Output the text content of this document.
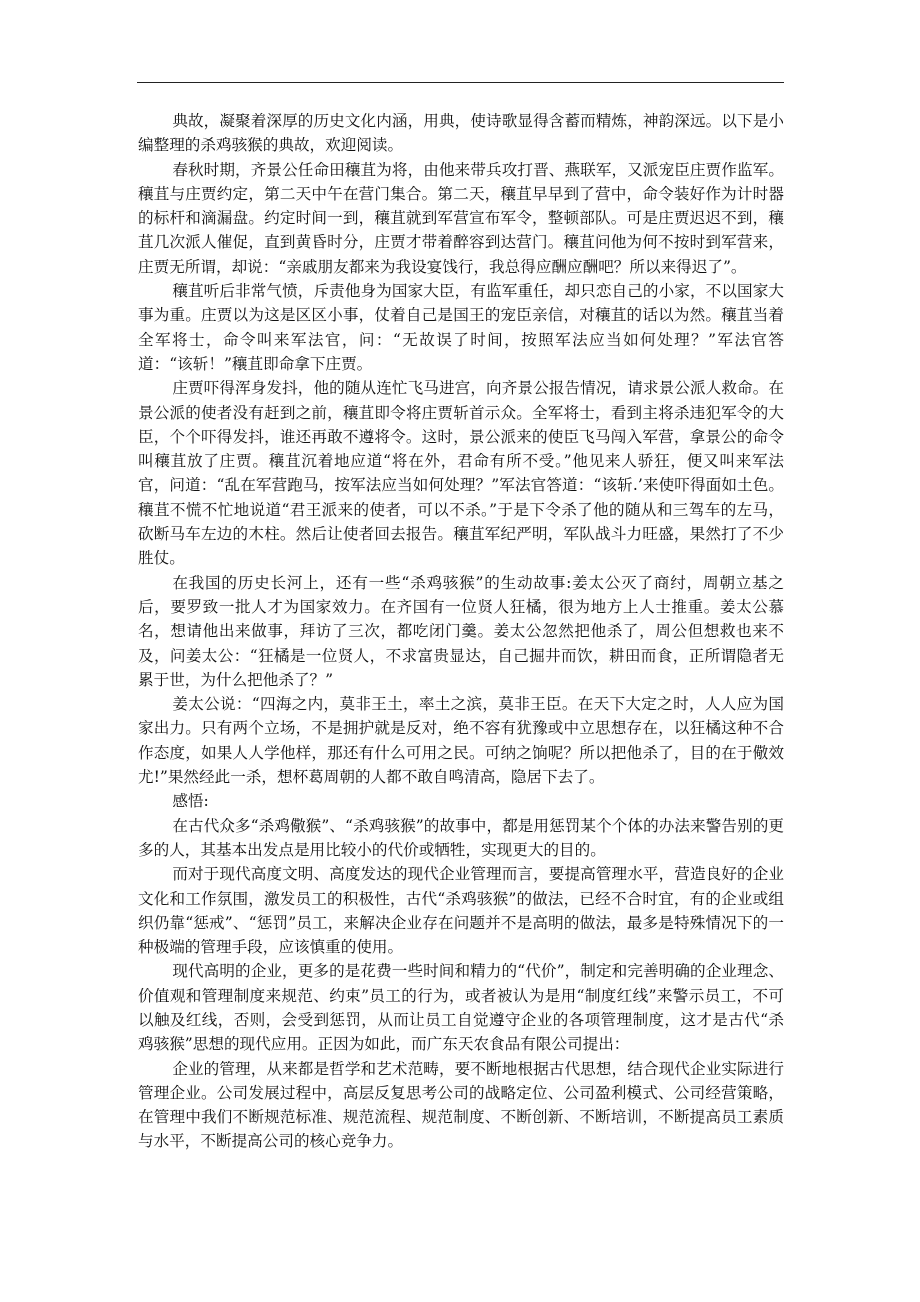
典故，凝聚着深厚的历史文化内涵，用典，使诗歌显得含蓄而精炼，神韵深远。以下是小编整理的杀鸡骇猴的典故，欢迎阅读。

春秋时期，齐景公任命田穰苴为将，由他来带兵攻打晋、燕联军，又派宠臣庄贾作监军。穰苴与庄贾约定，第二天中午在营门集合。第二天，穰苴早早到了营中，命令装好作为计时器的标杆和滴漏盘。约定时间一到，穰苴就到军营宣布军令，整顿部队。可是庄贾迟迟不到，穰苴几次派人催促，直到黄昏时分，庄贾才带着醉容到达营门。穰苴问他为何不按时到军营来，庄贾无所谓，却说：“亲戚朋友都来为我设宴饯行，我总得应酬应酬吧？所以来得迟了”。

穰苴听后非常气愤，斥责他身为国家大臣，有监军重任，却只恋自己的小家，不以国家大事为重。庄贾以为这是区区小事，仗着自己是国王的宠臣亲信，对穰苴的话以为然。穰苴当着全军将士，命令叫来军法官，问：“无故误了时间，按照军法应当如何处理？”军法官答道：“该斩！”穰苴即命拿下庄贾。

庄贾吓得浑身发抖，他的随从连忙飞马进宫，向齐景公报告情况，请求景公派人救命。在景公派的使者没有赶到之前，穰苴即令将庄贾斩首示众。全军将士，看到主将杀违犯军令的大臣，个个吓得发抖，谁还再敢不遵将令。这时，景公派来的使臣飞马闯入军营，拿景公的命令叫穰苴放了庄贾。穰苴沉着地应道“将在外，君命有所不受。”他见来人骄狂，便又叫来军法官，问道：“乱在军营跑马，按军法应当如何处理？”军法官答道：“该斩.’来使吓得面如土色。穰苴不慌不忙地说道“君王派来的使者，可以不杀。”于是下令杀了他的随从和三驾车的左马，砍断马车左边的木柱。然后让使者回去报告。穰苴军纪严明，军队战斗力旺盛，果然打了不少胜仗。

在我国的历史长河上，还有一些“杀鸡骇猴”的生动故事:姜太公灭了商纣，周朝立基之后，要罗致一批人才为国家效力。在齐国有一位贤人狂橘，很为地方上人士推重。姜太公慕名，想请他出来做事，拜访了三次，都吃闭门羹。姜太公忽然把他杀了，周公但想救也来不及，问姜太公：“狂橘是一位贤人，不求富贵显达，自己掘井而饮，耕田而食，正所谓隐者无累于世，为什么把他杀了？”

姜太公说：“四海之内，莫非王土，率土之滨，莫非王臣。在天下大定之时，人人应为国家出力。只有两个立场，不是拥护就是反对，绝不容有犹豫或中立思想存在，以狂橘这种不合作态度，如果人人学他样，那还有什么可用之民。可纳之饷呢？所以把他杀了，目的在于儆效尤!”果然经此一杀，想杯葛周朝的人都不敢自鸣清高，隐居下去了。

感悟:

在古代众多“杀鸡儆猴”、“杀鸡骇猴”的故事中，都是用惩罚某个个体的办法来警告别的更多的人，其基本出发点是用比较小的代价或牺牲，实现更大的目的。

而对于现代高度文明、高度发达的现代企业管理而言，要提高管理水平，营造良好的企业文化和工作氛围，激发员工的积极性，古代“杀鸡骇猴”的做法，已经不合时宜，有的企业或组织仍靠“惩戒”、“惩罚”员工，来解决企业存在问题并不是高明的做法，最多是特殊情况下的一种极端的管理手段，应该慎重的使用。

现代高明的企业，更多的是花费一些时间和精力的“代价”，制定和完善明确的企业理念、价值观和管理制度来规范、约束”员工的行为，或者被认为是用“制度红线”来警示员工，不可以触及红线，否则，会受到惩罚，从而让员工自觉遵守企业的各项管理制度，这才是古代“杀鸡骇猴”思想的现代应用。正因为如此，而广东天农食品有限公司提出：

企业的管理，从来都是哲学和艺术范畴，要不断地根据古代思想，结合现代企业实际进行管理企业。公司发展过程中，高层反复思考公司的战略定位、公司盈利模式、公司经营策略，在管理中我们不断规范标准、规范流程、规范制度、不断创新、不断培训，不断提高员工素质与水平，不断提高公司的核心竞争力。
